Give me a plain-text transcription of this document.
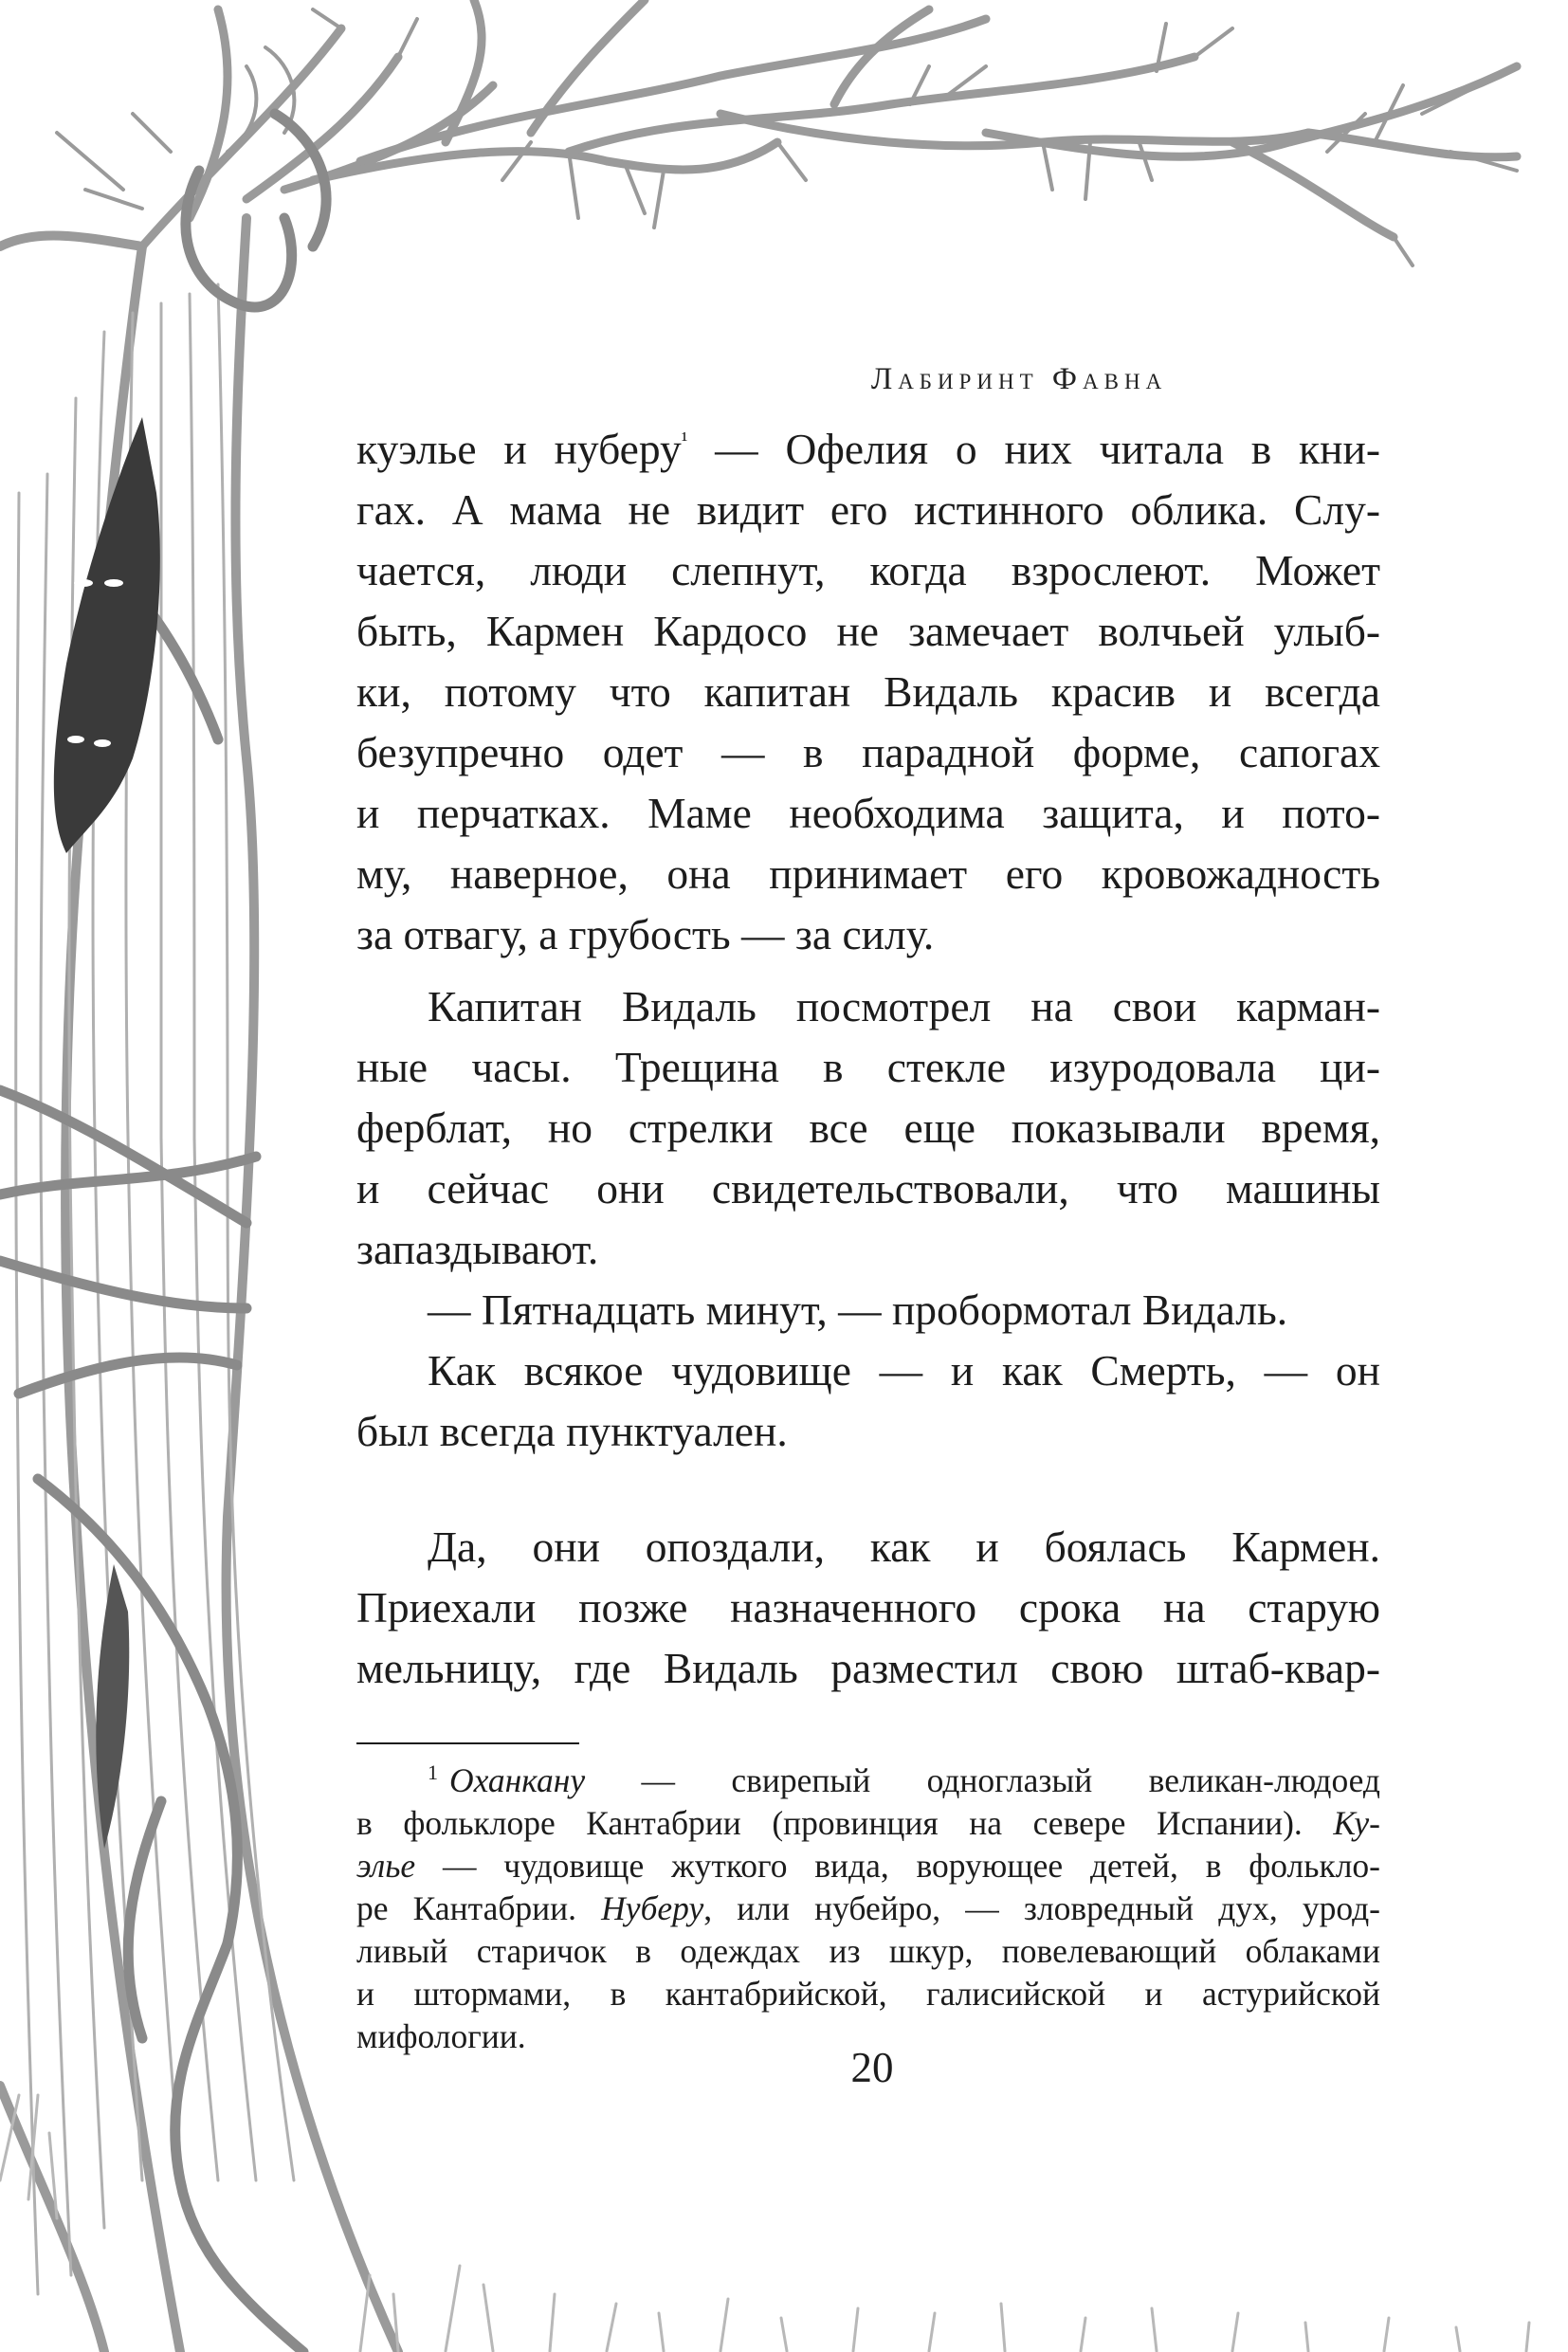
Лабиринт Фавна
куэлье и нуберу$^{^1}$ — Офелия о них читала в кни-
гах. А мама не видит его истинного облика. Слу-
чается, люди слепнут, когда взрослеют. Может
быть, Кармен Кардосо не замечает волчьей улыб-
ки, потому что капитан Видаль красив и всегда
безупречно одет — в парадной форме, сапогах
и перчатках. Маме необходима защита, и пото-
му, наверное, она принимает его кровожадность
за отвагу, а грубость — за силу.
Капитан Видаль посмотрел на свои карман-
ные часы. Трещина в стекле изуродовала ци-
ферблат, но стрелки все еще показывали время,
и сейчас они свидетельствовали, что машины
запаздывают.
— Пятнадцать минут, — пробормотал Видаль.
Как всякое чудовище — и как Смерть, — он
был всегда пунктуален.
Да, они опоздали, как и боялась Кармен.
Приехали позже назначенного срока на старую
мельницу, где Видаль разместил свою штаб-квар-
$^1$ Оханкану — свирепый одноглазый великан-людоед
в фольклоре Кантабрии (провинция на севере Испании). Ку-
элье — чудовище жуткого вида, ворующее детей, в фолькло-
ре Кантабрии. Нуберу, или нубейро, — зловредный дух, урод-
ливый старичок в одеждах из шкур, повелевающий облаками
и штормами, в кантабрийской, галисийской и астурийской
мифологии.
20
